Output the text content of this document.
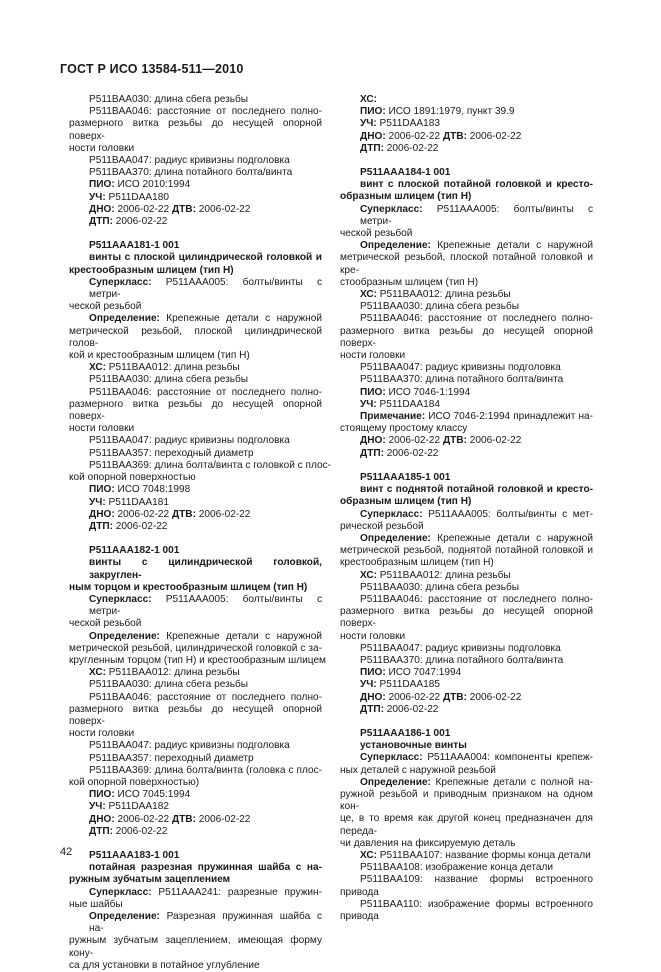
ГОСТ Р ИСО 13584-511—2010
P511BAA030: длина сбега резьбы
P511BAA046: расстояние от последнего полно-
размерного витка резьбы до несущей опорной поверх-
ности головки
P511BAA047: радиус кривизны подголовка
P511BAA370: длина потайного болта/винта
ПИО: ИСО 2010:1994
УЧ: P511DAA180
ДНО: 2006-02-22 ДТВ: 2006-02-22
ДТП: 2006-02-22
P511AAA181-1 001
винты с плоской цилиндрической головкой и
крестообразным шлицем (тип H)
Суперкласс: P511AAA005: болты/винты с метри-
ческой резьбой
Определение: Крепежные детали с наружной
метрической резьбой, плоской цилиндрической голов-
кой и крестообразным шлицем (тип H)
ХС: P511BAA012: длина резьбы
P511BAA030: длина сбега резьбы
P511BAA046: расстояние от последнего полно-
размерного витка резьбы до несущей опорной поверх-
ности головки
P511BAA047: радиус кривизны подголовка
P511BAA357: переходный диаметр
P511BAA369: длина болта/винта с головкой с плос-
кой опорной поверхностью
ПИО: ИСО 7048:1998
УЧ: P511DAA181
ДНО: 2006-02-22 ДТВ: 2006-02-22
ДТП: 2006-02-22
P511AAA182-1 001
винты с цилиндрической головкой, закруглен-
ным торцом и крестообразным шлицем (тип H)
Суперкласс: P511AAA005: болты/винты с метри-
ческой резьбой
Определение: Крепежные детали с наружной
метрической резьбой, цилиндрической головкой с за-
кругленным торцом (тип H) и крестообразным шлицем
ХС: P511BAA012: длина резьбы
P511BAA030: длина сбега резьбы
P511BAA046: расстояние от последнего полно-
размерного витка резьбы до несущей опорной поверх-
ности головки
P511BAA047: радиус кривизны подголовка
P511BAA357: переходный диаметр
P511BAA369: длина болта/винта (головка с плос-
кой опорной поверхностью)
ПИО: ИСО 7045:1994
УЧ: P511DAA182
ДНО: 2006-02-22 ДТВ: 2006-02-22
ДТП: 2006-02-22
P511AAA183-1 001
потайная разрезная пружинная шайба с на-
ружным зубчатым зацеплением
Суперкласс: P511AAA241: разрезные пружин-
ные шайбы
Определение: Разрезная пружинная шайба с на-
ружным зубчатым зацеплением, имеющая форму кону-
са для установки в потайное углубление
ХС:
ПИО: ИСО 1891:1979, пункт 39.9
УЧ: P511DAA183
ДНО: 2006-02-22 ДТВ: 2006-02-22
ДТП: 2006-02-22
P511AAA184-1 001
винт с плоской потайной головкой и кресто-
образным шлицем (тип H)
Суперкласс: P511AAA005: болты/винты с метри-
ческой резьбой
Определение: Крепежные детали с наружной
метрической резьбой, плоской потайной головкой и кре-
стообразным шлицем (тип H)
ХС: P511BAA012: длина резьбы
P511BAA030: длина сбега резьбы
P511BAA046: расстояние от последнего полно-
размерного витка резьбы до несущей опорной поверх-
ности головки
P511BAA047: радиус кривизны подголовка
P511BAA370: длина потайного болта/винта
ПИО: ИСО 7046-1:1994
УЧ: P511DAA184
Примечание: ИСО 7046-2:1994 принадлежит на-
стоящему простому классу
ДНО: 2006-02-22 ДТВ: 2006-02-22
ДТП: 2006-02-22
P511AAA185-1 001
винт с поднятой потайной головкой и кресто-
образным шлицем (тип H)
Суперкласс: P511AAA005: болты/винты с мет-
рической резьбой
Определение: Крепежные детали с наружной
метрической резьбой, поднятой потайной головкой и
крестообразным шлицем (тип H)
ХС: P511BAA012: длина резьбы
P511BAA030: длина сбега резьбы
P511BAA046: расстояние от последнего полно-
размерного витка резьбы до несущей опорной поверх-
ности головки
P511BAA047: радиус кривизны подголовка
P511BAA370: длина потайного болта/винта
ПИО: ИСО 7047:1994
УЧ: P511DAA185
ДНО: 2006-02-22 ДТВ: 2006-02-22
ДТП: 2006-02-22
P511AAA186-1 001
установочные винты
Суперкласс: P511AAA004: компоненты крепеж-
ных деталей с наружной резьбой
Определение: Крепежные детали с полной на-
ружной резьбой и приводным признаком на одном кон-
це, в то время как другой конец предназначен для переда-
чи давления на фиксируемую деталь
ХС: P511BAA107: название формы конца детали
P511BAA108: изображение конца детали
P511BAA109: название формы встроенного
привода
P511BAA110: изображение формы встроенного
привода
42
